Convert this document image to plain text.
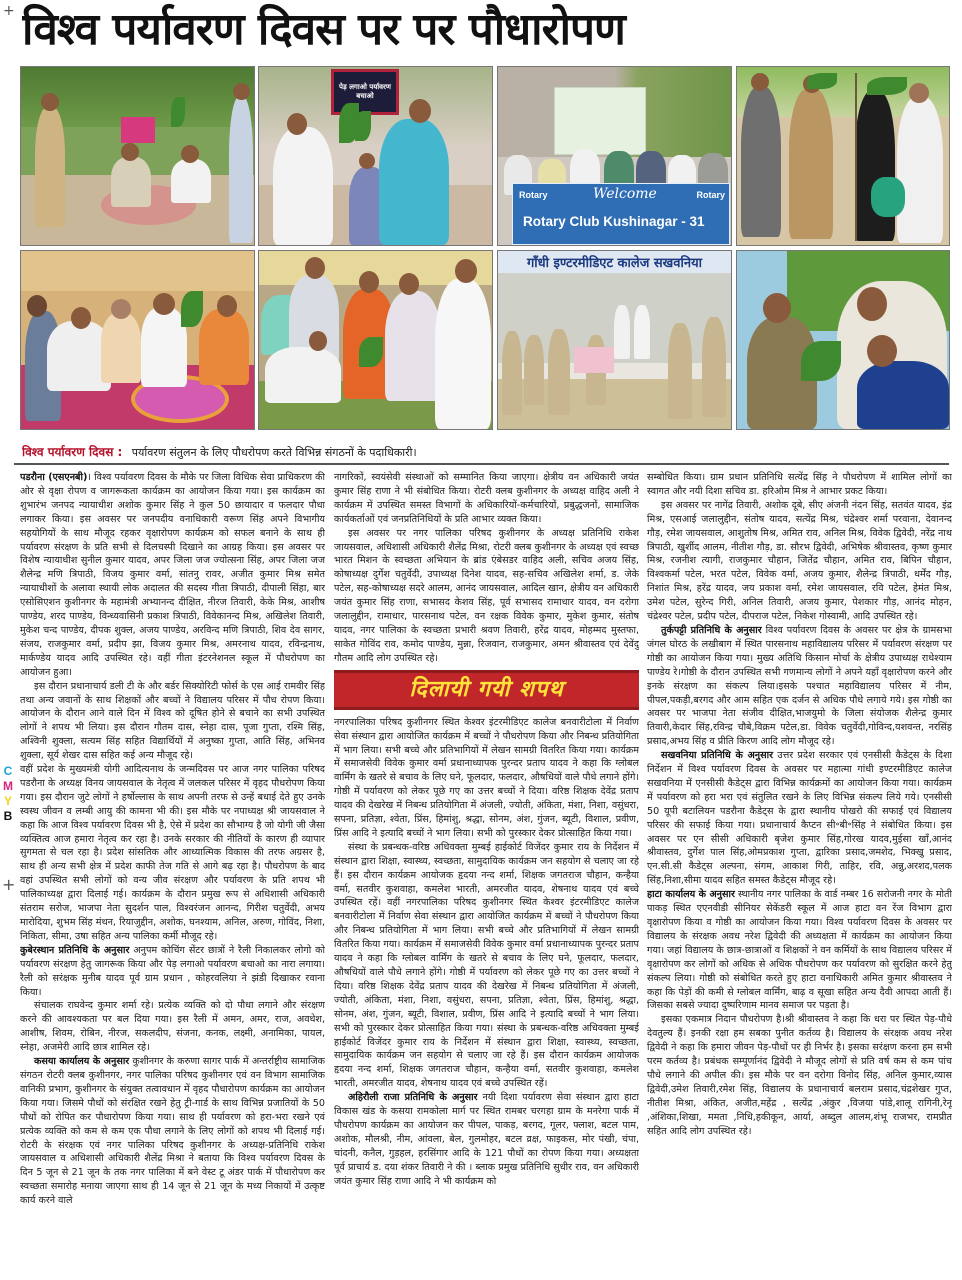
+
+
विश्व पर्यावरण दिवस पर पर पौधारोपण
पेड़ लगाओ पर्यावरण बचाओ
Rotary	Welcome	Rotary
Rotary Club Kushinagar - 31
गाँधी इण्टरमीडिएट कालेज सखवनिया
विश्व पर्यावरण दिवस : पर्यावरण संतुलन के लिए पौधरोपण करते विभिन्न संगठनों के पदाधिकारी।
C
M
Y
B

पडरौना (एसएनबी)। विश्व पर्यावरण दिवस के मौके पर जिला विधिक सेवा प्राधिकरण की ओर से वृक्षा रोपण व जागरूकता कार्यक्रम का आयोजन किया गया। इस कार्यक्रम का शुभारंभ जनपद न्यायाधीश अशोक कुमार सिंह ने कुल 50 छायादार व फलदार पौधा लगाकर किया। इस अवसर पर जनपदीय वनाधिकारी वरूण सिंह अपने विभागीय सहयोगियों के साथ मौजूद रहकर वृक्षारोपण कार्यक्रम को सफल बनाने के साथ ही पर्यावरण संरक्षण के प्रति सभी से दिलचस्पी दिखाने का आग्रह किया। इस अवसर पर विशेष न्यायाधीश सुनील कुमार यादव, अपर जिला जज ज्योत्सना सिंह, अपर जिला जज शैलेन्द्र मणि त्रिपाठी, विजय कुमार वर्मा, सांतनु रावर, अजीत कुमार मिश्र समेत न्यायाधीशों के अलावा स्थायी लोक अदालत की सदस्य गीता त्रिपाठी, दीपाली सिंहा, बार एसोसिएशन कुशीनगर के महामंत्री अभ्यानन्द दीक्षित, नीरज तिवारी, केके मिश्र, आशीष पाण्डेय, शरद पाण्डेय, विन्ध्यवासिनी प्रकाश त्रिपाठी, विवेकानन्द मिश्र, अखिलेश तिवारी, मुकेश चन्द पाण्डेय, दीपक शुक्ल, अजय पाण्डेय, अरविन्द मणि त्रिपाठी, शिव देव सागर, संजय, राजकुमार वर्मा, प्रदीप झा, विजय कुमार मिश्र, अमरनाथ यादव, रविन्द्रनाथ, मार्कण्डेय यादव आदि उपस्थित रहे। वहीं गीता इंटरनेशनल स्कूल में पौधरोपण का आयोजन हुआ।

इस दौरान प्रधानाचार्य डली टी के और बर्डर सिक्योरिटी फोर्स के एस आई रामवीर सिंह तथा अन्य जवानों के साथ शिक्षकों और बच्चों ने विद्यालय परिसर में पौध रोपण किया। आयोजन के दौरान आने वाले दिन में विश्व को दूषित होने से बचाने का सभी उपस्थित लोगों ने शपथ भी लिया। इस दौरान गौतम दास, स्नेहा दास, पूजा गुप्ता, रश्मि सिंह, अश्विनी शुक्ला, सत्यम सिंह सहित विद्यार्थियों में अनुष्का गुप्ता, आति सिंह, अभिनव शुक्ला, सूर्य शेखर दास सहित कई अन्य मौजूद रहे।

वहीं प्रदेश के मुख्यमंत्री योगी आदित्यनाथ के जन्मदिवस पर आज नगर पालिका परिषद पडरौना के अध्यक्ष विनय जायसवाल के नेतृत्व में जलकल परिसर में वृहद पौधरोपण किया गया। इस दौरान जुटे लोगों ने हर्षोल्लास के साथ अपनी तरफ से उन्हें बधाई देते हुए उनके स्वस्थ जीवन व लम्बी आयु की कामना भी की। इस मौके पर नपाध्यक्ष श्री जायसवाल ने कहा कि आज विश्व पर्यावरण दिवस भी है, ऐसे में प्रदेश का सौभाग्य है जो योगी जी जैसा व्यक्तित्व आज हमारा नेतृत्व कर रहा है। उनके सरकार की नीतियों के कारण ही व्यापार सुगमता से चल रहा है। प्रदेश सांसतिक और आध्यात्मिक विकास की तरफ अग्रसर है, साथ ही अन्य सभी क्षेत्र में प्रदेश काफी तेज गति से आगे बढ़ रहा है। पौधरोपण के बाद वहां उपस्थित सभी लोगों को वन्य जीव संरक्षण और पर्यावरण के प्रति शपथ भी पालिकाध्यक्ष द्वारा दिलाई गई। कार्यक्रम के दौरान प्रमुख रूप से अधिशासी अधिकारी संतराम सरोज, भाजपा नेता सुदर्शन पाल, विश्वरंजन आनन्द, गिरीश चतुर्वेदी, अभय मारोदिया, शुभम सिंह मंथन, रियाजुद्दीन, अशोक, घनश्याम, अनिल, अरुण, गोविंद, निशा, निकिता, सीमा, उषा सहित अन्य पालिका कर्मी मौजूद रहे।

कुबेरस्थान प्रतिनिधि के अनुसार अनुपम कोचिंग सेंटर छात्रों ने रैली निकालकर लोगो को पर्यावरण संरक्षण हेतु जागरूक किया और पेड़ लगाओ पर्यावरण बचाओ का नारा लगाया। रैली को सरंक्षक मुनीब यादव पूर्व ग्राम प्रधान , कोहरवलिया ने झंडी दिखाकर रवाना किया।

संचालक राघवेन्द कुमार शर्मा रहे। प्रत्येक व्यक्ति को दो पौधा लगाने और संरक्षण करने की आवश्यकता पर बल दिया गया। इस रैली में अमन, अमर, राज, अवधेश, आशीष, शिवम, रोबिन, नीरज, सकलदीप, संजना, कनक, लक्ष्मी, अनामिका, पायल, स्नेहा, अजमेरी आदि छात्र शामिल रहे।

कसया कार्यालय के अनुसार कुशीनगर के करुणा सागर पार्क में अन्तर्राष्ट्रीय सामाजिक संगठन रोटरी क्लब कुशीनगर, नगर पालिका परिषद कुशीनगर एवं वन विभाग सामाजिक वानिकी प्रभाग, कुशीनगर के संयुक्त तत्वावधान में वृहद पौधारोपण कार्यक्रम का आयोजन किया गया। जिसमे पौधों को संरक्षित रखने हेतु ट्री-गार्ड के साथ विभिन्न प्रजातियों के 50 पौधों को रोपित कर पौधारोपण किया गया। साथ ही पर्यावरण को हरा-भरा रखने एवं प्रत्येक व्यक्ति को कम से कम एक पौधा लगाने के लिए लोगों को शपथ भी दिलाई गई। रोटरी के संरक्षक एवं नगर पालिका परिषद कुशीनगर के अध्यक्ष-प्रतिनिधि राकेश जायसवाल व अधिशासी अधिकारी शैलेंद्र मिश्रा ने बताया कि विश्व पर्यावरण दिवस के दिन 5 जून से 21 जून के तक नगर पालिका में बने वेस्ट टू अंडर पार्क में पौधारोपण कर स्वच्छता समारोह मनाया जाएगा साथ ही 14 जून से 21 जून के मध्य निकायों में उत्कृष्ट कार्य करने वाले

नागरिकों, स्वयंसेवी संस्थाओं को सम्मानित किया जाएगा। क्षेत्रीय वन अधिकारी जयंत कुमार सिंह राणा ने भी संबोधित किया। रोटरी क्लब कुशीनगर के अध्यक्ष वाहिद अली ने कार्यक्रम में उपस्थित समस्त विभागों के अधिकारियों-कर्मचारियों, प्रबुद्धजनों, सामाजिक कार्यकर्ताओं एवं जनप्रतिनिधियों के प्रति आभार व्यक्त किया।

इस अवसर पर नगर पालिका परिषद कुशीनगर के अध्यक्ष प्रतिनिधि राकेश जायसवाल, अधिशासी अधिकारी शैलेंद्र मिश्रा, रोटरी क्लब कुशीनगर के अध्यक्ष एवं स्वच्छ भारत मिशन के स्वच्छता अभियान के ब्रांड एंबेसडर वाहिद अली, सचिव अजय सिंह, कोषाध्यक्ष दुर्गेश चतुर्वेदी, उपाध्यक्ष दिनेश यादव, सह-सचिव अखिलेश शर्मा, ड. जेके पटेल, सह-कोषाध्यक्ष सदरे आलम, आनंद जायसवाल, आदिल खान, क्षेत्रीय वन अधिकारी जयंत कुमार सिंह राणा, सभासद केशव सिंह, पूर्व सभासद रामाधार यादव, वन दरोगा जलालुद्दीन, रामाधार, पारसनाथ पटेल, वन रक्षक विवेक कुमार, मुकेश कुमार, संतोष यादव, नगर पालिका के स्वच्छता प्रभारी श्रवण तिवारी, हरेंद्र यादव, मोहम्मद मुस्तफा, साकेत गोविंद राव, कमोद पाण्डेय, मुन्ना, रिजवान, राजकुमार, अमन श्रीवास्तव एवं देवेंदु गौतम आदि लोग उपस्थित रहे।

दिलायी गयी शपथ

नगरपालिका परिषद कुशीनगर स्थित केश्वर इंटरमीडिएट कालेज बनवारीटोला में निर्वाण सेवा संस्थान द्वारा आयोजित कार्यक्रम में बच्चों ने पौधरोपण किया और निबन्ध प्रतियोगिता में भाग लिया। सभी बच्चे और प्रतिभागियों में लेखन सामग्री वितरित किया गया। कार्यक्रम में समाजसेवी विवेक कुमार वर्मा प्रधानाध्यापक पुरन्दर प्रताप यादव ने कहा कि ग्लोबल वार्मिंग के खतरे से बचाव के लिए घने, फूलदार, फलदार, औषधियों वाले पौधे लगाने होंगे। गोष्ठी में पर्यावरण को लेकर पूछे गए का उत्तर बच्चों ने दिया। वरिष्ठ शिक्षक देवेंद्र प्रताप यादव की देखरेख में निबन्ध प्रतियोगिता में अंजली, ज्योती, अंकिता, मंशा, निशा, वसुंधरा, सपना, प्रतिज्ञा, श्वेता, प्रिंस, हिमांशु, श्रद्धा, सोनम, अंश, गुंजन, ब्यूटी, विशाल, प्रवीण, प्रिंस आदि ने इत्यादि बच्चों ने भाग लिया। सभी को पुरस्कार देकर प्रोत्साहित किया गया।

संस्था के प्रबन्धक-वरिष्ठ अधिवक्ता मुम्बई हाईकोर्ट विजेंदर कुमार राय के निर्देशन में संस्थान द्वारा शिक्षा, स्वास्थ्य, स्वच्छता, सामुदायिक कार्यक्रम जन सहयोग से चलाए जा रहे हैं। इस दौरान कार्यक्रम आयोजक हृदया नन्द शर्मा, शिक्षक जगतराज चौहान, कन्हैया वर्मा, सतवीर कुशवाहा, कमलेश भारती, अमरजीत यादव, शेषनाथ यादव एवं बच्चे उपस्थित रहें। वहीं नगरपालिका परिषद कुशीनगर स्थित केश्वर इंटरमीडिएट कालेज बनवारीटोला में निर्वाण सेवा संस्थान द्वारा आयोजित कार्यक्रम में बच्चों ने पौधरोपण किया और निबन्ध प्रतियोगिता में भाग लिया। सभी बच्चे और प्रतिभागियों में लेखन सामग्री वितरित किया गया। कार्यक्रम में समाजसेवी विवेक कुमार वर्मा प्रधानाध्यापक पुरन्दर प्रताप यादव ने कहा कि ग्लोबल वार्मिंग के खतरे से बचाव के लिए घने, फूलदार, फलदार, औषधियों वाले पौधे लगाने होंगे। गोष्ठी में पर्यावरण को लेकर पूछे गए का उत्तर बच्चों ने दिया। वरिष्ठ शिक्षक देवेंद्र प्रताप यादव की देखरेख में निबन्ध प्रतियोगिता में अंजली, ज्योती, अंकिता, मंशा, निशा, वसुंधरा, सपना, प्रतिज्ञा, श्वेता, प्रिंस, हिमांशु, श्रद्धा, सोनम, अंश, गुंजन, ब्यूटी, विशाल, प्रवीण, प्रिंस आदि ने इत्यादि बच्चों ने भाग लिया। सभी को पुरस्कार देकर प्रोत्साहित किया गया। संस्था के प्रबन्धक-वरिष्ठ अधिवक्ता मुम्बई हाईकोर्ट विजेंदर कुमार राय के निर्देशन में संस्थान द्वारा शिक्षा, स्वास्थ्य, स्वच्छता, सामुदायिक कार्यक्रम जन सहयोग से चलाए जा रहे हैं। इस दौरान कार्यक्रम आयोजक हृदया नन्द शर्मा, शिक्षक जगतराज चौहान, कन्हैया वर्मा, सतवीर कुशवाहा, कमलेश भारती, अमरजीत यादव, शेषनाथ यादव एवं बच्चे उपस्थित रहें।

अहिरौली राजा प्रतिनिधि के अनुसार नयी दिशा पर्यावरण सेवा संस्थान द्वारा हाटा विकास खंड के कसया रामकोला मार्ग पर स्थित रामबर चरगहा ग्राम के मनरेगा पार्क में पौधरोपण कार्यक्रम का आयोजन कर पीपल, पाकड़, बरगद, गूलर, फ्लाश, बटल पाम, अशोक, मौलश्री, नीम, आंवला, बेल, गुलमोहर, बटल व्रक्ष, फाइकस, मोर पंखी, चंपा, चांदनी, कनैल, गुड़हल, हरसिंगार आदि के 121 पौधों का रोपण किया गया। अध्यक्षता पूर्व प्राचार्य ड. दया शंकर तिवारी ने की । ब्लाक प्रमुख प्रतिनिधि सुधीर राव, वन अधिकारी जयंत कुमार सिंह राणा आदि ने भी कार्यक्रम को

सम्बोधित किया। ग्राम प्रधान प्रतिनिधि सत्येंद्र सिंह ने पौधरोपण में शामिल लोगों का स्वागत और नयी दिशा सचिव डा. हरिओम मिश्र ने आभार प्रकट किया।

इस अवसर पर नागेंद्र तिवारी, अशोक दूबे, सीए अंजनी नंदन सिंह, सतवंत यादव, इंद्र मिश्र, एसआई जलालुद्दीन, संतोष यादव, सत्येंद्र मिश्र, चंद्रेश्वर शर्मा परवाना, देवानन्द गौड़, रमेश जायसवाल, आशुतोष मिश्र, अमित राव, अनिल मिश्र, विवेक द्विवेदी, नरेंद्र नाथ त्रिपाठी, खुर्शीद आलम, नीतीश गौड़, डा. सौरभ द्विवेदी, अभिषेक श्रीवास्तव, कृष्ण कुमार मिश्र, रजनीश त्यागी, राजकुमार चौहान, जितेंद्र चौहान, अमित राव, बिपिन चौहान, विश्वकर्मा पटेल, भरत पटेल, विवेक वर्मा, अजय कुमार, शैलेन्द्र त्रिपाठी, धर्मेंद गौड़, निशांत मिश्र, हरेंद्र यादव, जय प्रकाश वर्मा, रमेश जायसवाल, रवि पटेल, हेमंत मिश्र, उमेश पटेल, सुरेन्द गिरी, अनिल तिवारी, अजय कुमार, पेशकार गौड़, आनंद मोहन, चंद्रेश्वर पटेल, प्रदीप पटेल, दीपराज पटेल, निकेश गोस्वामी, आदि उपस्थित रहे।

तुर्कपट्टी प्रतिनिधि के अनुसार विश्व पर्यावरण दिवस के अवसर पर क्षेत्र के ग्रामसभा जंगल घोरठ के लखीबाग में स्थित पारसनाथ महाविद्यालय परिसर में पर्यावरण संरक्षण पर गोष्ठी का आयोजन किया गया। मुख्य अतिथि किसान मोर्चा के क्षेत्रीय उपाध्यक्ष राधेश्याम पाण्डेय रे।गोष्ठी के दौरान उपस्थित सभी गणमान्य लोगों ने अपने यहाँ वृक्षारोपण करने और इनके संरक्षण का संकल्प लिया।इसके पश्चात महाविद्यालय परिसर में नीम, पीपल,पकड़ी,बरगद और आम सहित एक दर्जन से अधिक पौधे लगाये गये। इस गोष्ठी का अवसर पर भाजपा नेता संजीव दीक्षित,भाजयुमो के जिला संयोजक शैलेन्द्र कुमार तिवारी,केदार सिंह,रविन्द्र चौबे,विक्रम पटेल,डा. विवेक चतुर्वेदी,गोविन्द,यशवन्त, नरसिंह प्रसाद,अभय सिंह व प्रीति किरण आदि लोग मौजूद रहे।

सखवनिया प्रतिनिधि के अनुसार उत्तर प्रदेश सरकार एवं एनसीसी कैडेट्स के दिशा निर्देशन में विश्व पर्यावरण दिवस के अवसर पर महात्मा गांधी इण्टरमीडिएट कालेज सखवनिया में एनसीसी कैडेट्स द्वारा विभिन्न कार्यक्रमों का आयोजन किया गया। कार्यक्रम में पर्यावरण को हरा भरा एवं संतुलित रखने के लिए विभिन्न संकल्प लिये गये। एनसीसी 50 यूपी बटालियन पडरौना कैडेट्स के द्वारा स्थानीय पोखरो की सफाई एवं विद्यालय परिसर की सफाई किया गया। प्रधानाचार्य कैप्टन सी॰बी॰सिंह ने संबोधित किया। इस अवसर पर एन सीसी अधिकारी बृजेश कुमार सिंह,गोरख यादव,मुईसा खाँ,आनंद श्रीवास्तव, दुर्गेश पाल सिंह,ओमप्रकाश गुप्ता, द्वारिका प्रसाद,जमशेद, भिक्खु प्रसाद, एन.सी.सी कैडेट्स अल्पना, संगम, आकाश गिरी, ताहिर, रवि, अन्नु,अरशद,पलक सिंह,निशा,सीमा यादव सहित समस्त कैडेट्स मौजूद रहे।

हाटा कार्यालय के अनुसार स्थानीय नगर पालिका के वार्ड नम्बर 16 सरोजनी नगर के मोती पाकड़ स्थित एएनवीडी सीनियर सेकेंडरी स्कूल में आज हाटा वन रेंज विभाग द्वारा वृक्षारोपण किया व गोष्ठी का आयोजन किया गया। विश्व पर्यावरण दिवस के अवसर पर विद्यालय के संरक्षक अवध नरेश द्विवेदी की अध्यक्षता में कार्यक्रम का आयोजन किया गया। जहां विद्यालय के छात्र-छात्राओं व शिक्षकों ने वन कर्मियों के साथ विद्यालय परिसर में वृक्षारोपण कर लोगों को अधिक से अधिक पौधरोपण कर पर्यावरण को सुरक्षित करने हेतु संकल्प लिया। गोष्ठी को संबोधित करते हुए हाटा वनाधिकारी अमित कुमार श्रीवास्तव ने कहा कि पेड़ों की कमी से ग्लोबल वार्मिंग, बाढ़ व सूखा सहित अन्य दैवी आपदा आती हैं। जिसका सबसे ज्यादा दुष्परिणाम मानव समाज पर पड़ता है।

इसका एकमात्र निदान पौधरोपण है।श्री श्रीवास्तव ने कहा कि धरा पर स्थित पेड़-पौधे देवतुल्य हैं। इनकी रक्षा हम सबका पुनीत कर्तव्य है। विद्यालय के संरक्षक अवध नरेश द्विवेदी ने कहा कि हमारा जीवन पेड़-पौधों पर ही निर्भर है। इसका सरंक्षण करना हम सभी परम कर्तव्य है। प्रबंधक सम्पूर्णानंद द्विवेदी ने मौजूद लोगों से प्रति वर्ष कम से कम पांच पौधे लगाने की अपील की। इस मौके पर वन दरोगा विनोद सिंह, अनिल कुमार,व्यास द्विवेदी,उमेश तिवारी,रमेश सिंह, विद्यालय के प्रधानाचार्य बलराम प्रसाद,चंद्रशेखर गुप्त, नीतीश मिश्रा, अंकित, अजीत,महेंद्र , सत्येंद्र ,अंकुर ,विजया पांडे,शालू रागिनी,रेनू ,अंशिका,शिखा, ममता ,निधि,हकीकून, आर्या, अब्दुल आलम,शंभू राजभर, रामप्रीत सहित आदि लोग उपस्थित रहे।
